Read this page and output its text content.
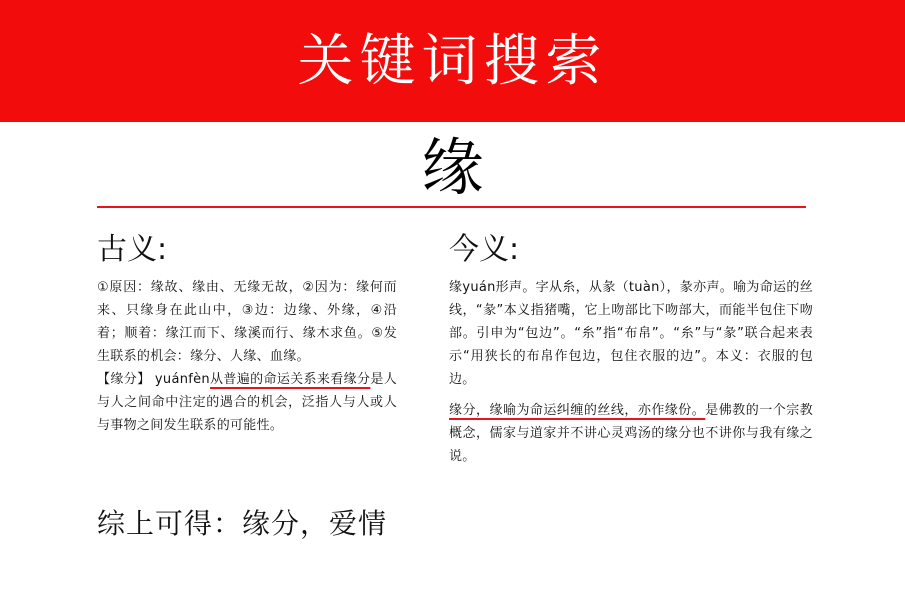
关键词搜索
缘
古义:

①原因：缘故、缘由、无缘无故，②因为：缘何而来、只缘身在此山中，③边：边缘、外缘，④沿着；顺着：缘江而下、缘溪而行、缘木求鱼。⑤发生联系的机会：缘分、人缘、血缘。
【缘分】 yuánfèn从普遍的命运关系来看缘分是人与人之间命中注定的遇合的机会，泛指人与人或人与事物之间发生联系的可能性。

今义:

缘yuán形声。字从糸，从彖（tuàn），彖亦声。喻为命运的丝线，“彖”本义指猪嘴，它上吻部比下吻部大，而能半包住下吻部。引申为“包边”。“糸”指“布帛”。“糸”与“彖”联合起来表示“用狭长的布帛作包边，包住衣服的边”。本义：衣服的包边。

缘分，缘喻为命运纠缠的丝线，亦作缘份。是佛教的一个宗教概念，儒家与道家并不讲心灵鸡汤的缘分也不讲你与我有缘之说。

综上可得：缘分，爱情
